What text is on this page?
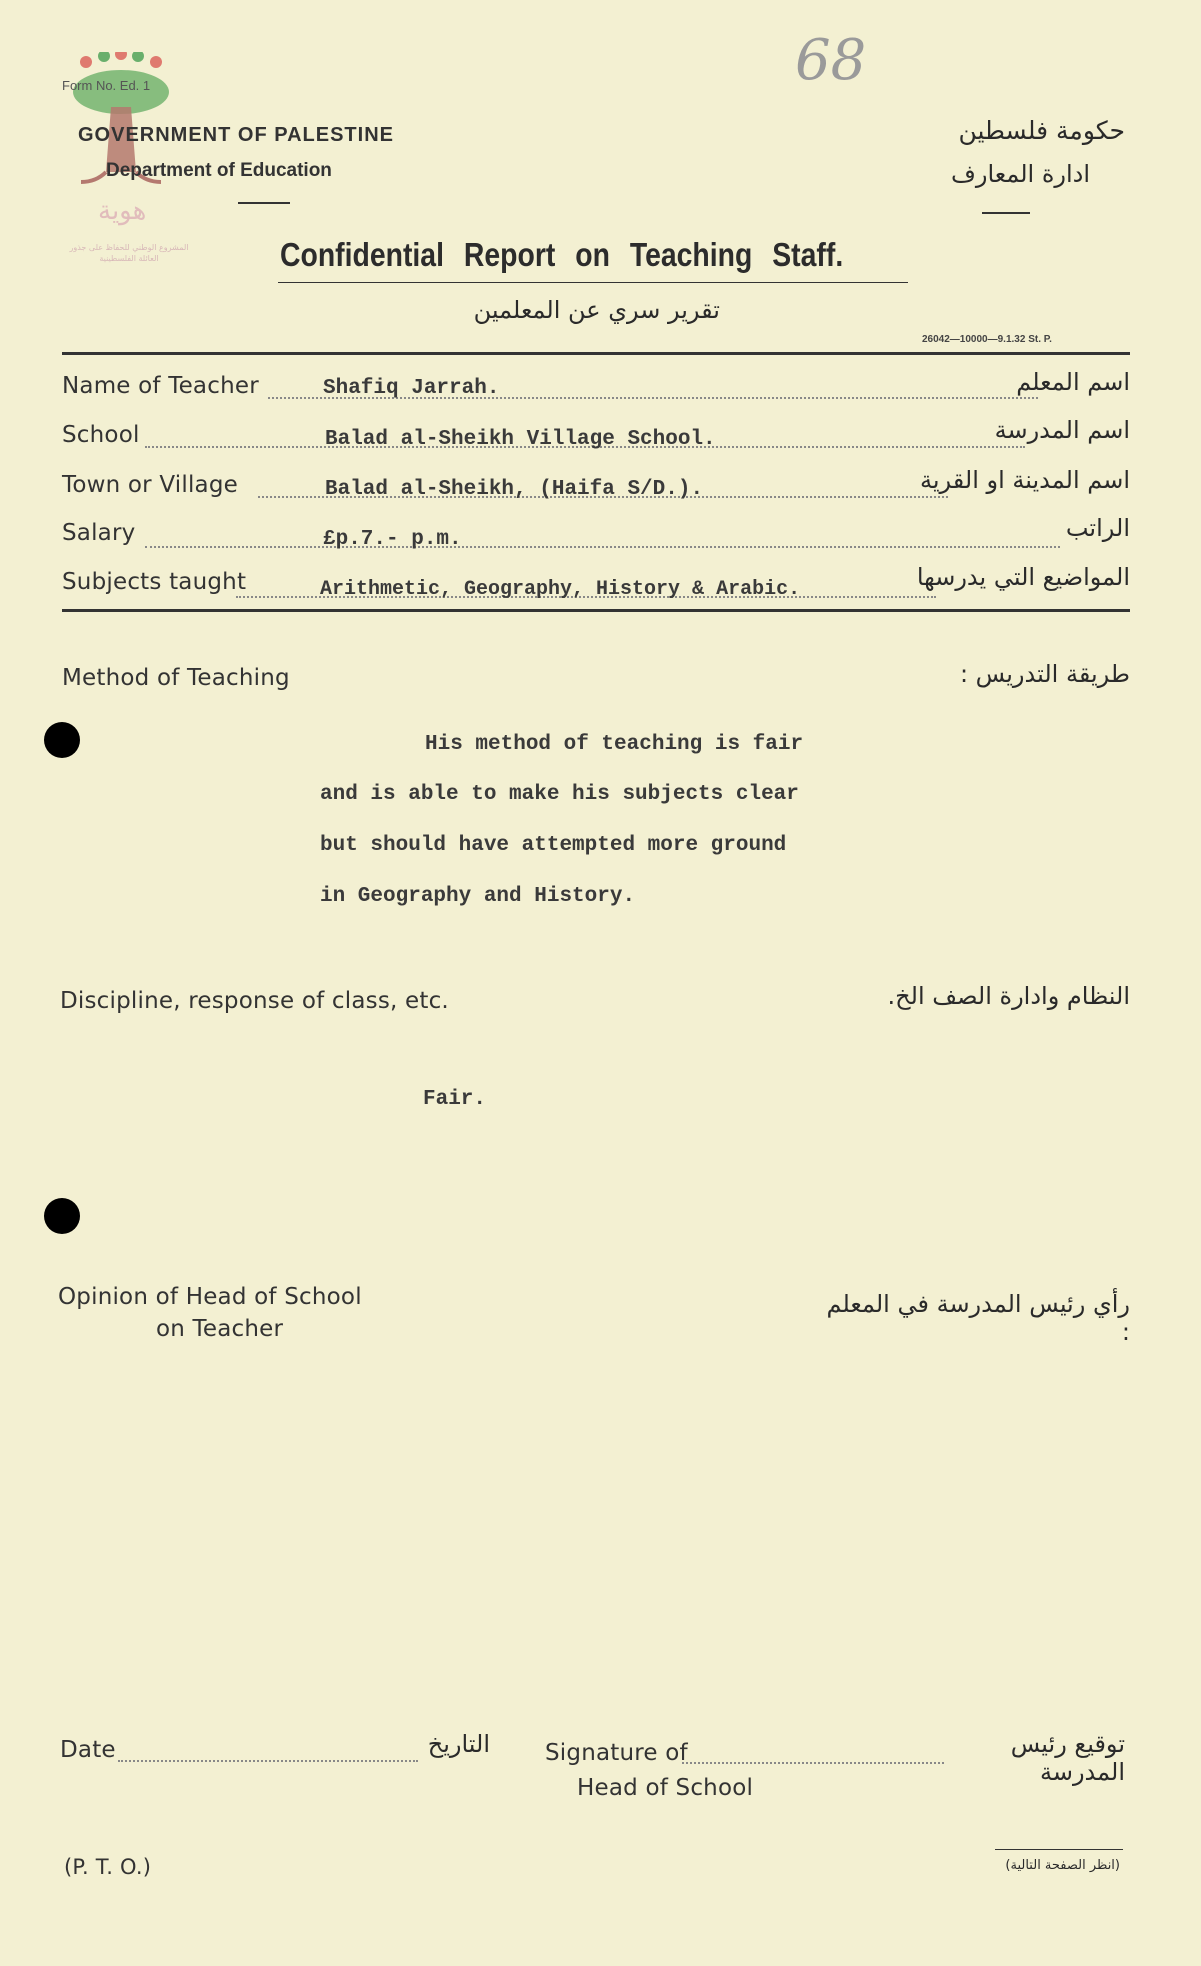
هوية
المشروع الوطني للحفاظ على جذور العائلة الفلسطينية
Form No. Ed. 1	68
GOVERNMENT OF PALESTINE
Department of Education
حكومة فلسطين
ادارة المعارف
Confidential Report on Teaching Staff.
تقرير سري عن المعلمين
26042—10000—9.1.32 St. P.
Name of Teacher	Shafiq Jarrah.	اسم المعلم
School	Balad al-Sheikh Village School.	اسم المدرسة
Town or Village	Balad al-Sheikh, (Haifa S/D.).	اسم المدينة او القرية
Salary	£p.7.- p.m.	الراتب
Subjects taught	Arithmetic, Geography, History & Arabic.	المواضيع التي يدرسها
Method of Teaching	طريقة التدريس :
His method of teaching is fair
and is able to make his subjects clear
but should have attempted more ground
in Geography and History.
Discipline, response of class, etc.	النظام وادارة الصف الخ.
Fair.
Opinion of Head of School
on Teacher
رأي رئيس المدرسة في المعلم :
Date	التاريخ Signature of	توقيع رئيس المدرسة
Head of School
(P. T. O.)	(انظر الصفحة التالية)
